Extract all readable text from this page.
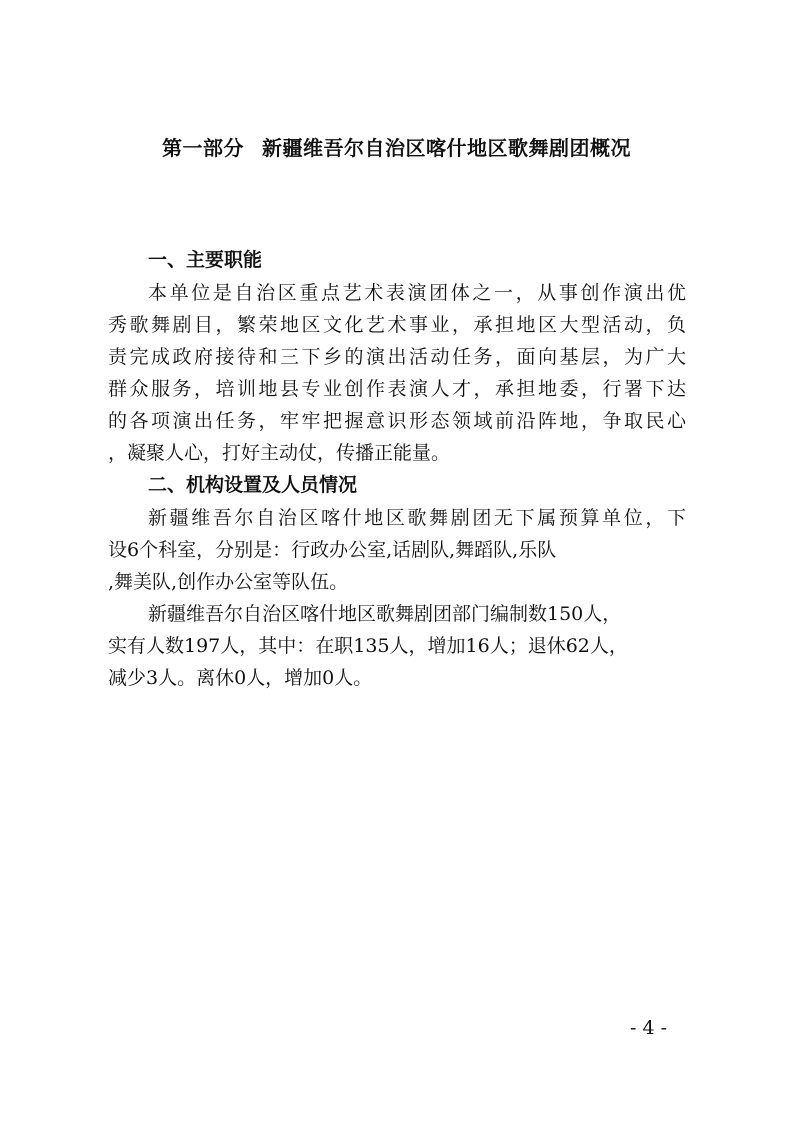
第一部分 新疆维吾尔自治区喀什地区歌舞剧团概况
一、主要职能
本单位是自治区重点艺术表演团体之一，从事创作演出优
秀歌舞剧目，繁荣地区文化艺术事业，承担地区大型活动，负
责完成政府接待和三下乡的演出活动任务，面向基层，为广大
群众服务，培训地县专业创作表演人才，承担地委，行署下达
的各项演出任务，牢牢把握意识形态领域前沿阵地，争取民心
，凝聚人心，打好主动仗，传播正能量。
二、机构设置及人员情况
新疆维吾尔自治区喀什地区歌舞剧团无下属预算单位，下
设6个科室，分别是：行政办公室,话剧队,舞蹈队,乐队
,舞美队,创作办公室等队伍。
新疆维吾尔自治区喀什地区歌舞剧团部门编制数150人，
实有人数197人，其中：在职135人，增加16人；退休62人，
减少3人。离休0人，增加0人。
- 4 -
